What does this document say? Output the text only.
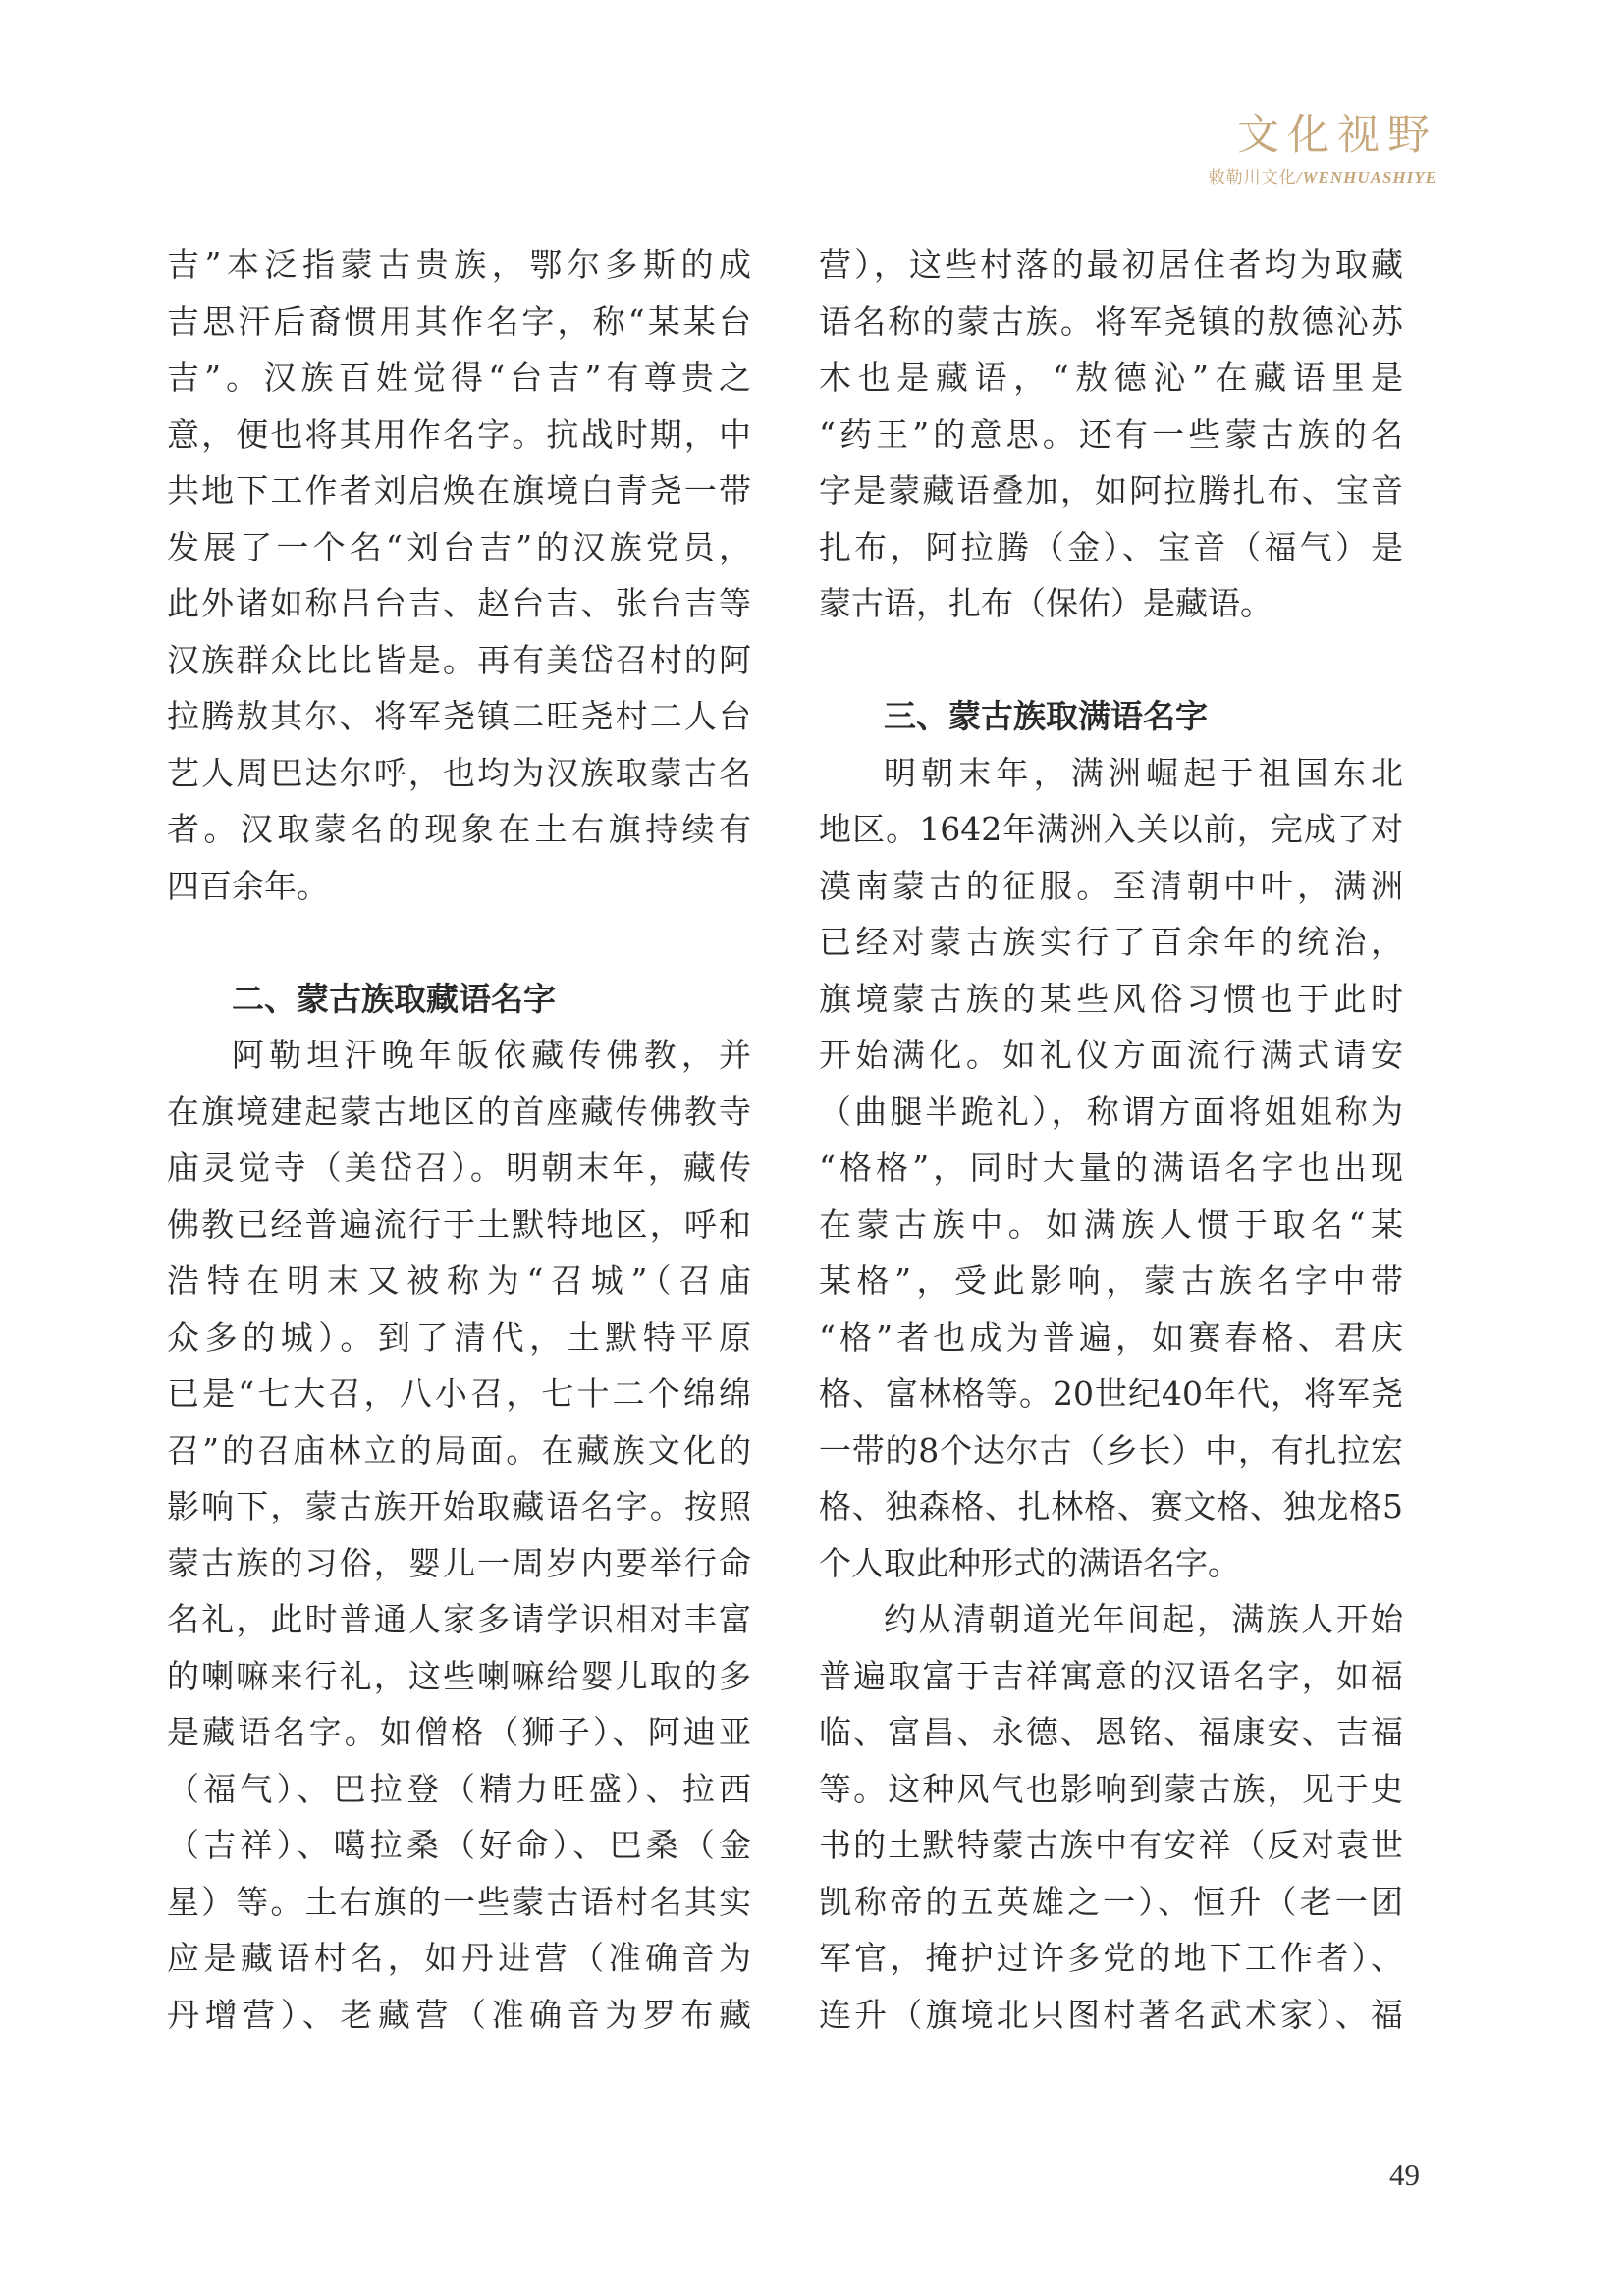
文化视野
敕勒川文化/WENHUASHIYE
吉”本泛指蒙古贵族，鄂尔多斯的成
吉思汗后裔惯用其作名字，称“某某台
吉”。汉族百姓觉得“台吉”有尊贵之
意，便也将其用作名字。抗战时期，中
共地下工作者刘启焕在旗境白青尧一带
发展了一个名“刘台吉”的汉族党员，
此外诸如称吕台吉、赵台吉、张台吉等
汉族群众比比皆是。再有美岱召村的阿
拉腾敖其尔、将军尧镇二旺尧村二人台
艺人周巴达尔呼，也均为汉族取蒙古名
者。汉取蒙名的现象在土右旗持续有
四百余年。
二、蒙古族取藏语名字
阿勒坦汗晚年皈依藏传佛教，并
在旗境建起蒙古地区的首座藏传佛教寺
庙灵觉寺（美岱召）。明朝末年，藏传
佛教已经普遍流行于土默特地区，呼和
浩特在明末又被称为“召城”（召庙
众多的城）。到了清代，土默特平原
已是“七大召，八小召，七十二个绵绵
召”的召庙林立的局面。在藏族文化的
影响下，蒙古族开始取藏语名字。按照
蒙古族的习俗，婴儿一周岁内要举行命
名礼，此时普通人家多请学识相对丰富
的喇嘛来行礼，这些喇嘛给婴儿取的多
是藏语名字。如僧格（狮子）、阿迪亚
（福气）、巴拉登（精力旺盛）、拉西
（吉祥）、噶拉桑（好命）、巴桑（金
星）等。土右旗的一些蒙古语村名其实
应是藏语村名，如丹进营（准确音为
丹增营）、老藏营（准确音为罗布藏
营），这些村落的最初居住者均为取藏
语名称的蒙古族。将军尧镇的敖德沁苏
木也是藏语，“敖德沁”在藏语里是
“药王”的意思。还有一些蒙古族的名
字是蒙藏语叠加，如阿拉腾扎布、宝音
扎布，阿拉腾（金）、宝音（福气）是
蒙古语，扎布（保佑）是藏语。
三、蒙古族取满语名字
明朝末年，满洲崛起于祖国东北
地区。1642年满洲入关以前，完成了对
漠南蒙古的征服。至清朝中叶，满洲
已经对蒙古族实行了百余年的统治，
旗境蒙古族的某些风俗习惯也于此时
开始满化。如礼仪方面流行满式请安
（曲腿半跪礼），称谓方面将姐姐称为
“格格”，同时大量的满语名字也出现
在蒙古族中。如满族人惯于取名“某
某格”，受此影响，蒙古族名字中带
“格”者也成为普遍，如赛春格、君庆
格、富林格等。20世纪40年代，将军尧
一带的8个达尔古（乡长）中，有扎拉宏
格、独森格、扎林格、赛文格、独龙格5
个人取此种形式的满语名字。
约从清朝道光年间起，满族人开始
普遍取富于吉祥寓意的汉语名字，如福
临、富昌、永德、恩铭、福康安、吉福
等。这种风气也影响到蒙古族，见于史
书的土默特蒙古族中有安祥（反对袁世
凯称帝的五英雄之一）、恒升（老一团
军官，掩护过许多党的地下工作者）、
连升（旗境北只图村著名武术家）、福
49
